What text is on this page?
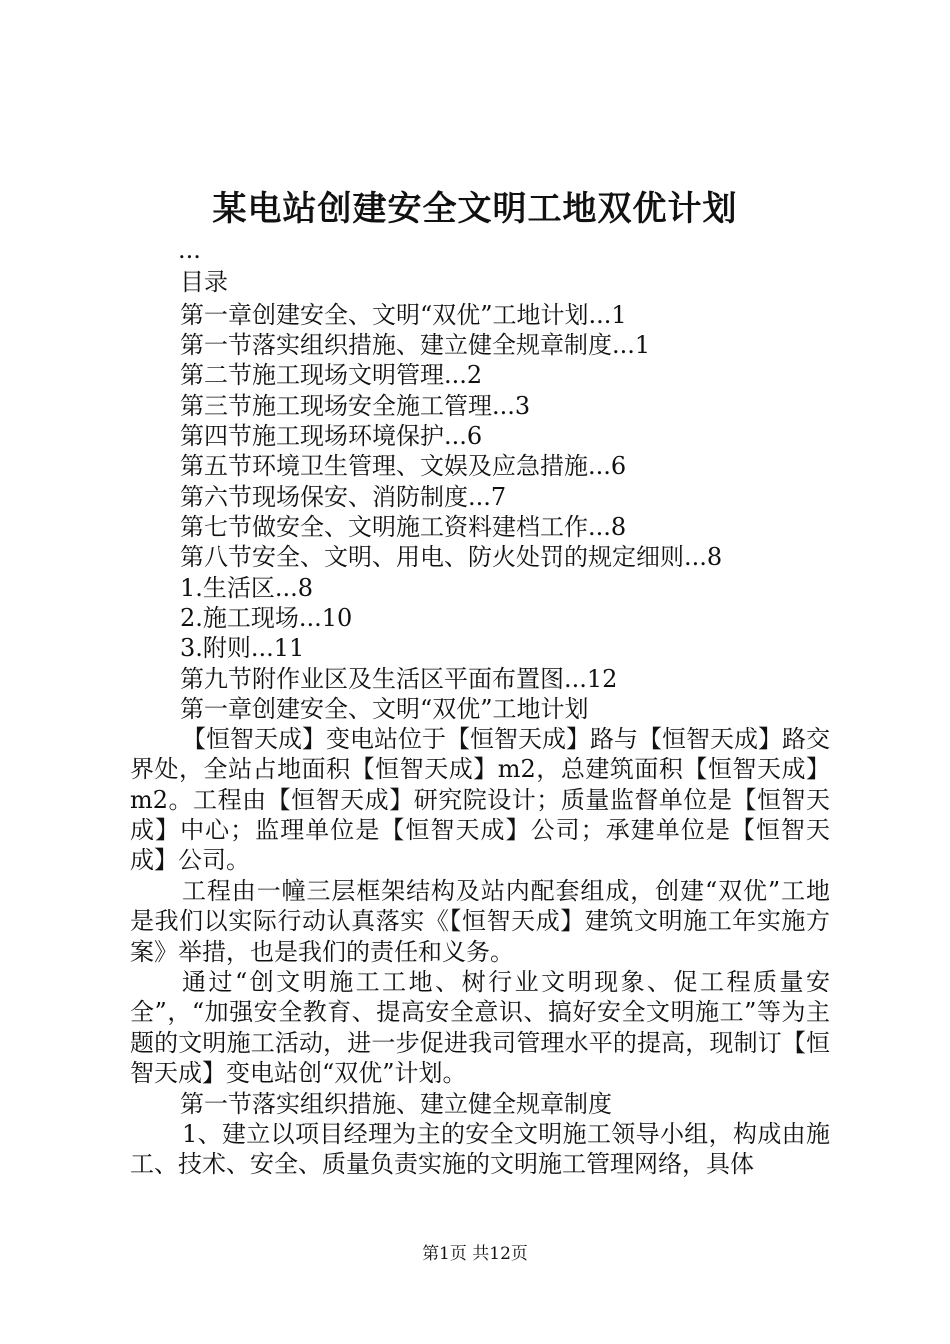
某电站创建安全文明工地双优计划
...
目录
第一章创建安全、文明“双优”工地计划...1
第一节落实组织措施、建立健全规章制度...1
第二节施工现场文明管理...2
第三节施工现场安全施工管理...3
第四节施工现场环境保护...6
第五节环境卫生管理、文娱及应急措施...6
第六节现场保安、消防制度...7
第七节做安全、文明施工资料建档工作...8
第八节安全、文明、用电、防火处罚的规定细则...8
1.生活区...8
2.施工现场...10
3.附则...11
第九节附作业区及生活区平面布置图...12
第一章创建安全、文明“双优”工地计划
【恒智天成】变电站位于【恒智天成】路与【恒智天成】路交界处，全站占地面积【恒智天成】m2，总建筑面积【恒智天成】m2。工程由【恒智天成】研究院设计；质量监督单位是【恒智天成】中心；监理单位是【恒智天成】公司；承建单位是【恒智天成】公司。
工程由一幢三层框架结构及站内配套组成，创建“双优”工地是我们以实际行动认真落实《【恒智天成】建筑文明施工年实施方案》举措，也是我们的责任和义务。
通过“创文明施工工地、树行业文明现象、促工程质量安全”，“加强安全教育、提高安全意识、搞好安全文明施工”等为主题的文明施工活动，进一步促进我司管理水平的提高，现制订【恒智天成】变电站创“双优”计划。
第一节落实组织措施、建立健全规章制度
1、建立以项目经理为主的安全文明施工领导小组，构成由施工、技术、安全、质量负责实施的文明施工管理网络，具体
第1页 共12页
